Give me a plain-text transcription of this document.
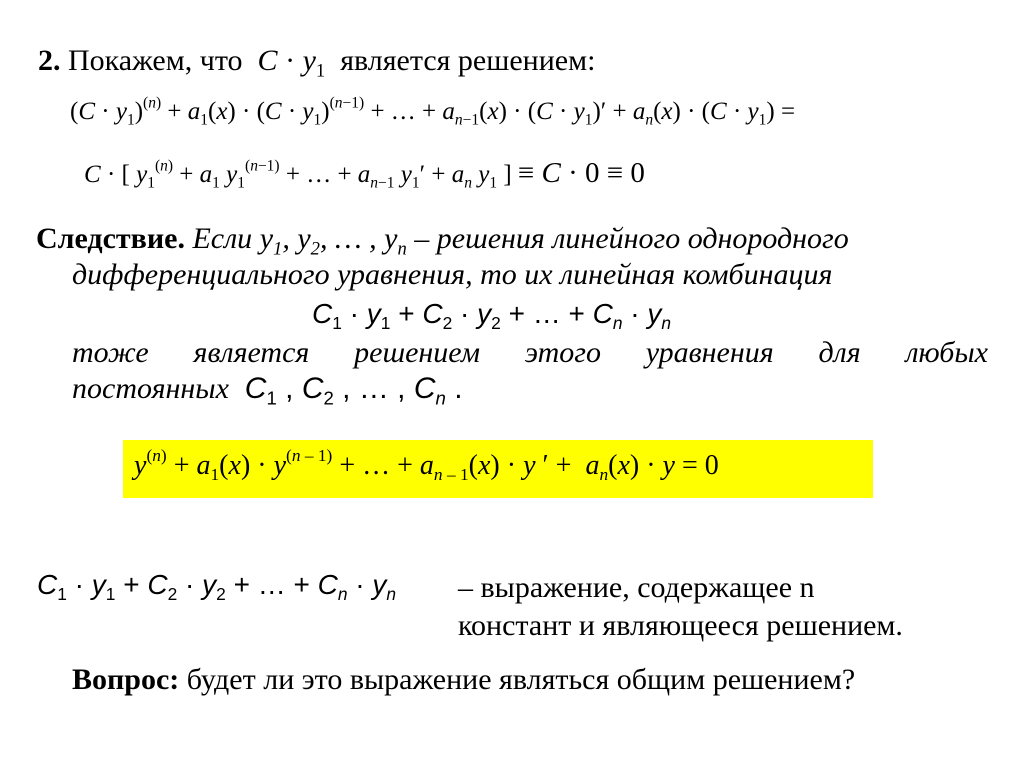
2. Покажем, что $C \cdot y_1$ является решением:
$(C \cdot y_1)^{(n)} + a_1(x) \cdot (C \cdot y_1)^{(n-1)}$ + … + $a_{n-1}(x) \cdot (C \cdot y_1)' + a_n(x) \cdot (C \cdot y_1)$ =
C · [ $y_1^{(n)} + a_1$ $y_1^{(n-1)}$ + … + $a_{n-1}$ $y_1' + a_n$ $y_1$ ] ≡ C · 0 ≡ 0
Следствие. Если $y_1$, $y_2$, … , $y_n$ – решения линейного однородного
дифференциального уравнения, то их линейная комбинация
$C_1 \cdot y_1 + C_2 \cdot y_2$ + … + $C_n \cdot y_n$
тоже является решением этого уравнения для любых
постоянных $C_1$ , $C_2$ , … , $C_n$ .
$y^{(n)} + a_1(x) \cdot y^{(n - 1)}$ + … + $a_{n - 1}(x) \cdot y$ ′ +  $a_n(x) \cdot y = 0$
$C_1 \cdot y_1 + C_2 \cdot y_2$ + … + $C_n \cdot y_n$ – выражение, содержащее n
констант и являющееся решением.
Вопрос: будет ли это выражение являться общим решением?
